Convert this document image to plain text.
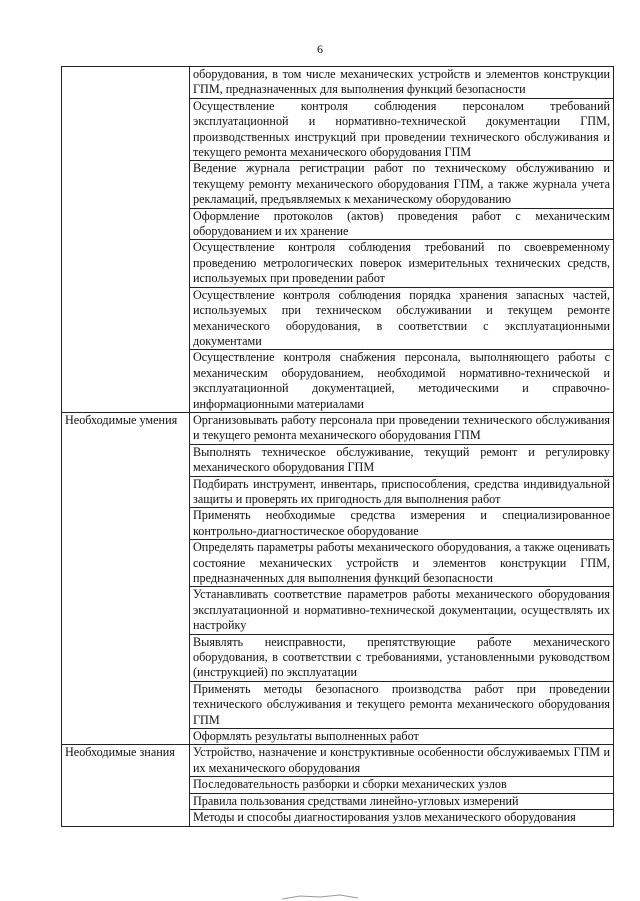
6
	оборудования, в том числе механических устройств и элементов конструкции ГПМ, предназначенных для выполнения функций безопасности
	Осуществление контроля соблюдения персоналом требований эксплуатационной и нормативно-технической документации ГПМ, производственных инструкций при проведении технического обслуживания и текущего ремонта механического оборудования ГПМ
	Ведение журнала регистрации работ по техническому обслуживанию и текущему ремонту механического оборудования ГПМ, а также журнала учета рекламаций, предъявляемых к механическому оборудованию
	Оформление протоколов (актов) проведения работ с механическим оборудованием и их хранение
	Осуществление контроля соблюдения требований по своевременному проведению метрологических поверок измерительных технических средств, используемых при проведении работ
	Осуществление контроля соблюдения порядка хранения запасных частей, используемых при техническом обслуживании и текущем ремонте механического оборудования, в соответствии с эксплуатационными документами
	Осуществление контроля снабжения персонала, выполняющего работы с механическим оборудованием, необходимой нормативно-технической и эксплуатационной документацией, методическими и справочно-информационными материалами
Необходимые умения	Организовывать работу персонала при проведении технического обслуживания и текущего ремонта механического оборудования ГПМ
	Выполнять техническое обслуживание, текущий ремонт и регулировку механического оборудования ГПМ
	Подбирать инструмент, инвентарь, приспособления, средства индивидуальной защиты и проверять их пригодность для выполнения работ
	Применять необходимые средства измерения и специализированное контрольно-диагностическое оборудование
	Определять параметры работы механического оборудования, а также оценивать состояние механических устройств и элементов конструкции ГПМ, предназначенных для выполнения функций безопасности
	Устанавливать соответствие параметров работы механического оборудования эксплуатационной и нормативно-технической документации, осуществлять их настройку
	Выявлять неисправности, препятствующие работе механического оборудования, в соответствии с требованиями, установленными руководством (инструкцией) по эксплуатации
	Применять методы безопасного производства работ при проведении технического обслуживания и текущего ремонта механического оборудования ГПМ
	Оформлять результаты выполненных работ
Необходимые знания	Устройство, назначение и конструктивные особенности обслуживаемых ГПМ и их механического оборудования
	Последовательность разборки и сборки механических узлов
	Правила пользования средствами линейно-угловых измерений
	Методы и способы диагностирования узлов механического оборудования
